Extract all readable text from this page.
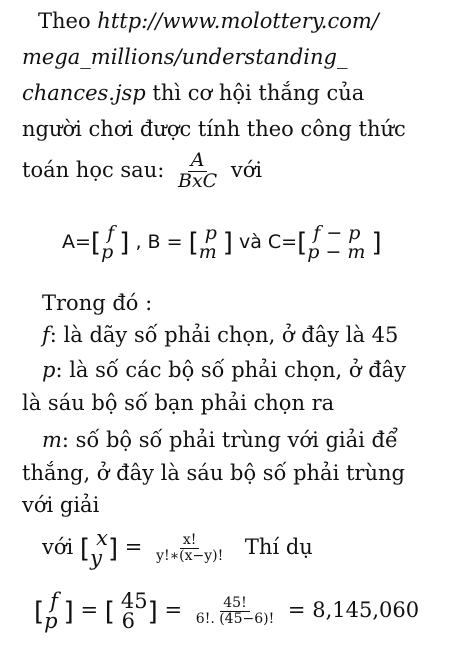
Theo http://www.molottery.com/
mega_millions/understanding_
chances.jsp thì cơ hội thắng của
người chơi được tính theo công thức
toán học sau: $\frac{A}{\text{BxC}}$ với
A= [ f
p ] , B = [ p
m ] và C= [ f − p
p − m ]
Trong đó :
f: là dãy số phải chọn, ở đây là 45
p: là số các bộ số phải chọn, ở đây
là sáu bộ số bạn phải chọn ra
m: số bộ số phải trùng với giải để
thắng, ở đây là sáu bộ số phải trùng
với giải
với [ x
y ] = $\frac{x!}{y!∗(x-y)!}$ Thí dụ
[ f
p ] = [ 45
6 ] = $\frac{45!}{6!. (45-6)!} = 8,145,060$
